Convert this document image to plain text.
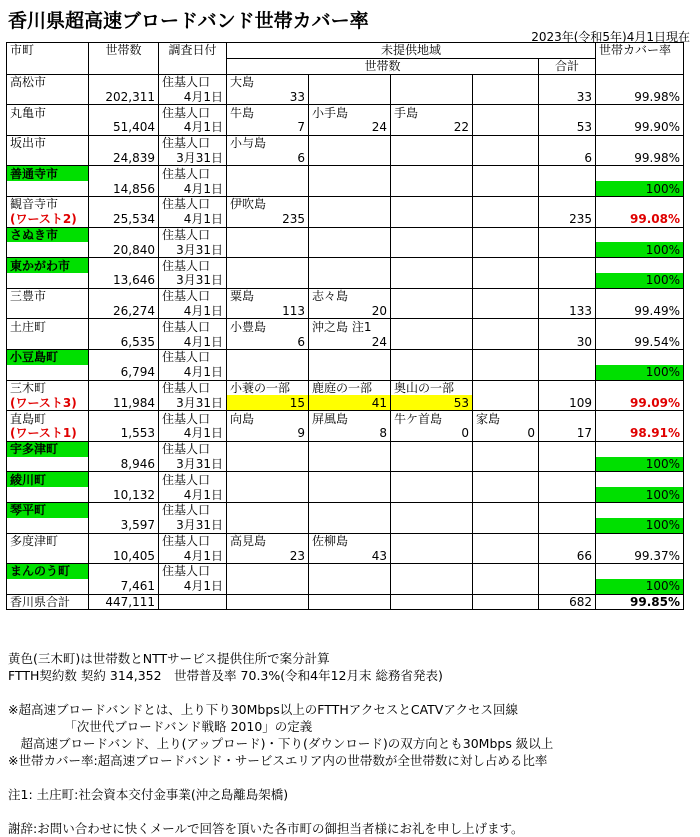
香川県超高速ブロードバンド世帯カバー率
2023年(令和5年)4月1日現在
市町	世帯数	調査日付	未提供地域					世帯カバー率
			世帯数				合計	
高松市		住基人口	大島					
	202,311	4月1日	33				33	99.98%
丸亀市		住基人口	牛島	小手島	手島			
	51,404	4月1日	7	24	22		53	99.90%
坂出市		住基人口	小与島					
	24,839	3月31日	6				6	99.98%
善通寺市		住基人口						
	14,856	4月1日						100%
観音寺市		住基人口	伊吹島					
(ワースト2)	25,534	4月1日	235				235	99.08%
さぬき市		住基人口						
	20,840	3月31日						100%
東かがわ市		住基人口						
	13,646	3月31日						100%
三豊市		住基人口	粟島	志々島				
	26,274	4月1日	113	20			133	99.49%
土庄町		住基人口	小豊島	沖之島 注1				
	6,535	4月1日	6	24			30	99.54%
小豆島町		住基人口						
	6,794	4月1日						100%
三木町		住基人口	小蓑の一部	鹿庭の一部	奥山の一部			
(ワースト3)	11,984	3月31日	15	41	53		109	99.09%
直島町		住基人口	向島	屏風島	牛ケ首島	家島		
(ワースト1)	1,553	4月1日	9	8	0	0	17	98.91%
宇多津町		住基人口						
	8,946	3月31日						100%
綾川町		住基人口						
	10,132	4月1日						100%
琴平町		住基人口						
	3,597	3月31日						100%
多度津町		住基人口	高見島	佐柳島				
	10,405	4月1日	23	43			66	99.37%
まんのう町		住基人口						
	7,461	4月1日						100%
香川県合計	447,111						682	99.85%
黄色(三木町)は世帯数とNTTサービス提供住所で案分計算
FTTH契約数 契約 314,352　世帯普及率 70.3%(令和4年12月末 総務省発表)

※超高速ブロードバンドとは、上り下り30Mbps以上のFTTHアクセスとCATVアクセス回線
　　　　　「次世代ブロードバンド戦略 2010」の定義
　超高速ブロードバンド、上り(アップロード)・下り(ダウンロード)の双方向とも30Mbps 級以上
※世帯カバー率:超高速ブロードバンド・サービスエリア内の世帯数が全世帯数に対し占める比率

注1: 土庄町:社会資本交付金事業(沖之島離島架橋)

謝辞:お問い合わせに快くメールで回答を頂いた各市町の御担当者様にお礼を申し上げます。
